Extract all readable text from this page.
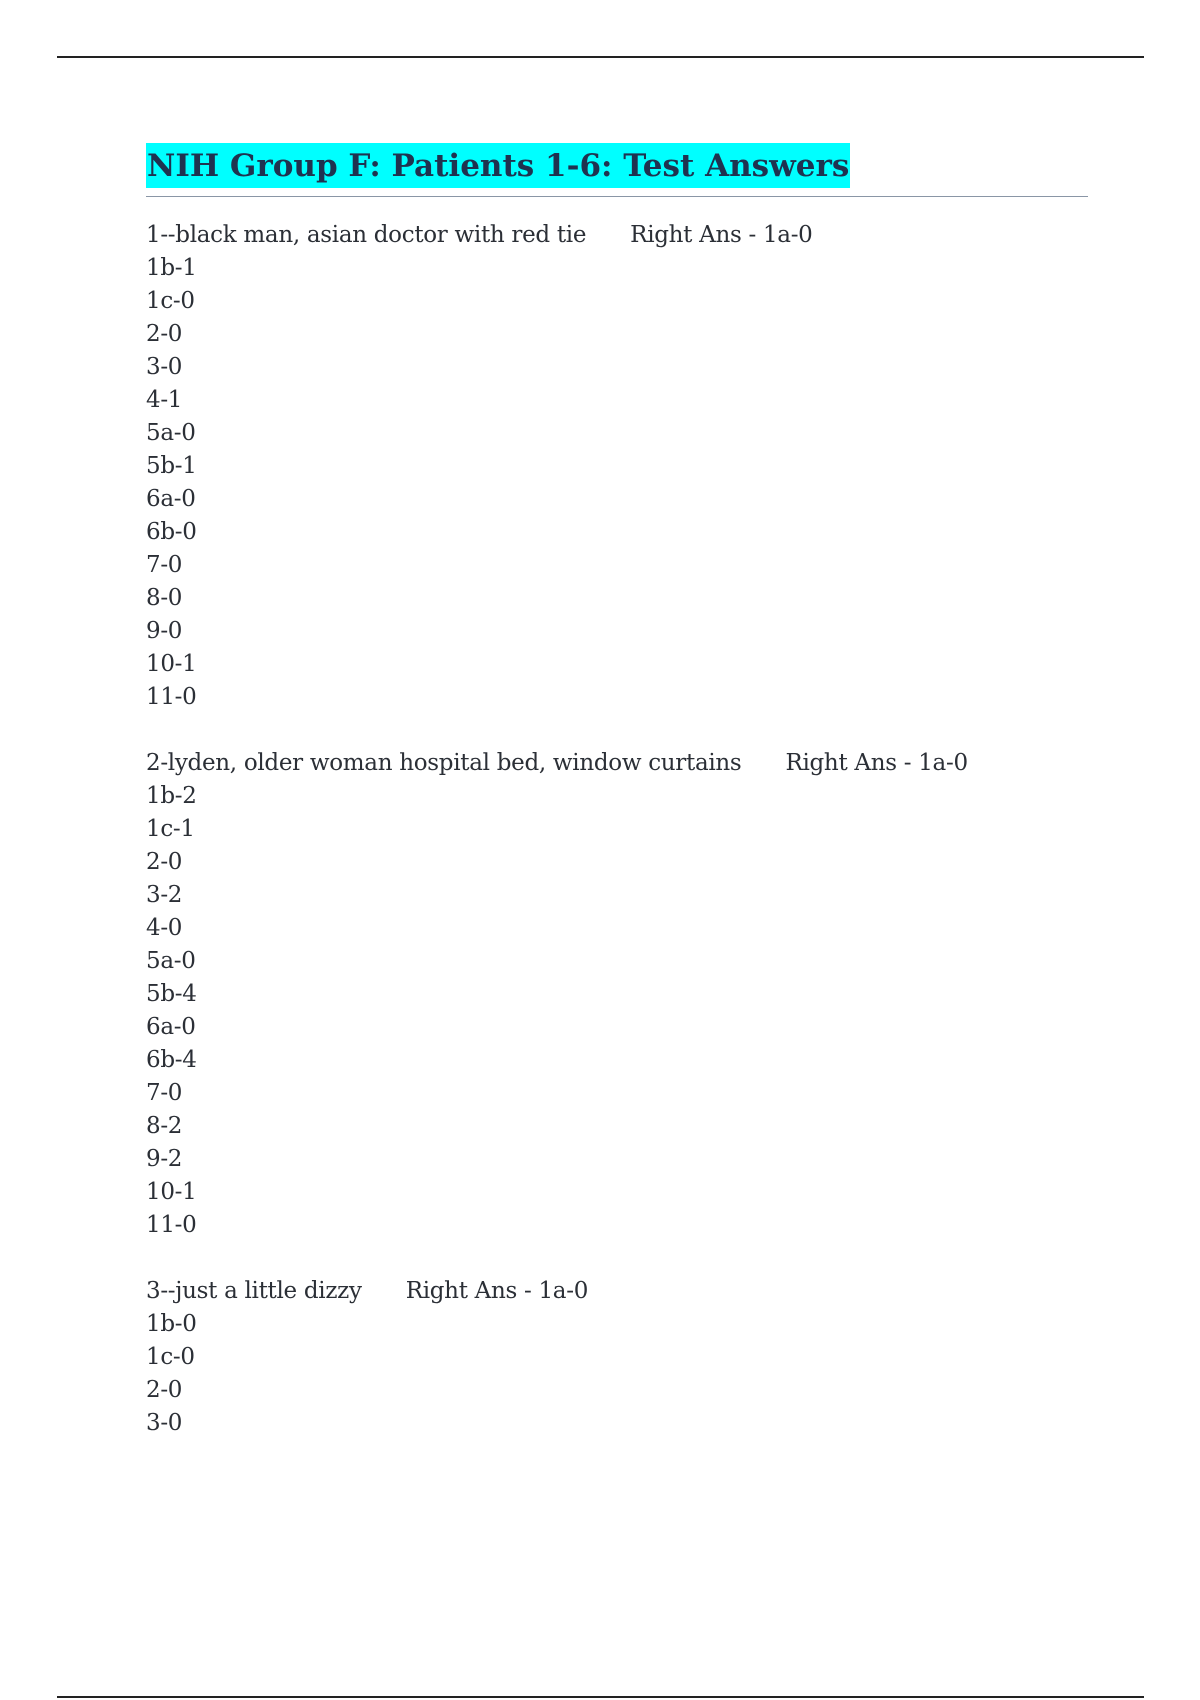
NIH Group F: Patients 1-6: Test Answers
1--black man, asian doctor with red tie Right Ans - 1a-0
1b-1
1c-0
2-0
3-0
4-1
5a-0
5b-1
6a-0
6b-0
7-0
8-0
9-0
10-1
11-0
2-lyden, older woman hospital bed, window curtains Right Ans - 1a-0
1b-2
1c-1
2-0
3-2
4-0
5a-0
5b-4
6a-0
6b-4
7-0
8-2
9-2
10-1
11-0
3--just a little dizzy Right Ans - 1a-0
1b-0
1c-0
2-0
3-0
